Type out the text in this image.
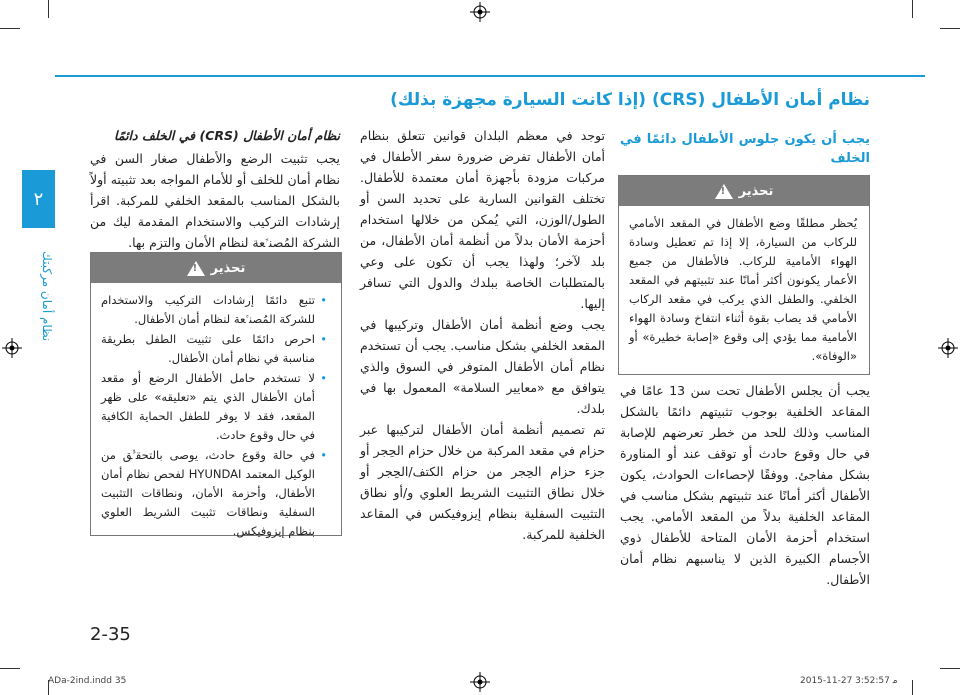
٢
ﻧﻈﺎم أﻣﺎن ﻣﺮﻛﺒﺘﻚ
ﻧﻈﺎم أﻣﺎن اﻷﻃﻔﺎل (CRS) (إذا ﻛﺎﻧﺖ اﻟﺴﻴﺎرة ﻣﺠﻬﺰة ﺑﺬﻟﻚ)
ﻳﺠﺐ أن ﻳﻜﻮن ﺟﻠﻮس اﻷﻃﻔﺎل داﺋﻤًﺎ ﻓﻲ اﻟﺨﻠﻒ
ﺗﺤﺬﻳﺮ
!
ﻳُﺤﻈﺮ ﻣﻄﻠﻘًﺎ وﺿﻊ اﻷﻃﻔﺎل ﻓﻲ اﻟﻤﻘﻌﺪ اﻷﻣﺎﻣﻲ ﻟﻠﺮﻛﺎب ﻣﻦ اﻟﺴﻴﺎرة، إﻻ إذا ﺗﻢ ﺗﻌﻄﻴﻞ وﺳﺎدة اﻟﻬﻮاء اﻷﻣﺎﻣﻴﺔ ﻟﻠﺮﻛﺎب. ﻓﺎﻷﻃﻔﺎل ﻣﻦ ﺟﻤﻴﻊ اﻷﻋﻤﺎر ﻳﻜﻮﻧﻮن أﻛﺜﺮ أﻣﺎﻧًﺎ ﻋﻨﺪ ﺗﺜﺒﻴﺘﻬﻢ ﻓﻲ اﻟﻤﻘﻌﺪ اﻟﺨﻠﻔﻲ. واﻟﻄﻔﻞ اﻟﺬي ﻳﺮﻛﺐ ﻓﻲ ﻣﻘﻌﺪ اﻟﺮﻛﺎب اﻷﻣﺎﻣﻲ ﻗﺪ ﻳﺼﺎب ﺑﻘﻮة أﺛﻨﺎء اﻧﺘﻔﺎخ وﺳﺎدة اﻟﻬﻮاء اﻷﻣﺎﻣﻴﺔ ﻣﻤﺎ ﻳﺆدي إﻟﻰ وﻗﻮع «إﺻﺎﺑﺔ ﺧﻄﻴﺮة» أو «اﻟﻮﻓﺎة».

ﻳﺠﺐ أن ﻳﺠﻠﺲ اﻷﻃﻔﺎل ﺗﺤﺖ ﺳﻦ 13 ﻋﺎﻣًﺎ ﻓﻲ اﻟﻤﻘﺎﻋﺪ اﻟﺨﻠﻔﻴﺔ ﺑﻮﺟﻮب ﺗﺜﺒﻴﺘﻬﻢ داﺋﻤًﺎ ﺑﺎﻟﺸﻜﻞ اﻟﻤﻨﺎﺳﺐ وذﻟﻚ ﻟﻠﺤﺪ ﻣﻦ ﺧﻄﺮ ﺗﻌﺮﺿﻬﻢ ﻟﻺﺻﺎﺑﺔ ﻓﻲ ﺣﺎل وﻗﻮع ﺣﺎدث أو ﺗﻮﻗﻒ ﻋﻨﺪ أو اﻟﻤﻨﺎورة ﺑﺸﻜﻞ ﻣﻔﺎﺟﺊ. ووﻓﻘًﺎ ﻹﺣﺼﺎءات اﻟﺤﻮادث، ﻳﻜﻮن اﻷﻃﻔﺎل أﻛﺜﺮ أﻣﺎﻧًﺎ ﻋﻨﺪ ﺗﺜﺒﻴﺘﻬﻢ ﺑﺸﻜﻞ ﻣﻨﺎﺳﺐ ﻓﻲ اﻟﻤﻘﺎﻋﺪ اﻟﺨﻠﻔﻴﺔ ﺑﺪﻻً ﻣﻦ اﻟﻤﻘﻌﺪ اﻷﻣﺎﻣﻲ. ﻳﺠﺐ اﺳﺘﺨﺪام أﺣﺰﻣﺔ اﻷﻣﺎن اﻟﻤﺘﺎﺣﺔ ﻟﻸﻃﻔﺎل ذوي اﻷﺟﺴﺎم اﻟﻜﺒﻴﺮة اﻟﺬﻳﻦ ﻻ ﻳﻨﺎﺳﺒﻬﻢ ﻧﻈﺎم أﻣﺎن اﻷﻃﻔﺎل.

ﺗﻮﺟﺪ ﻓﻲ ﻣﻌﻈﻢ اﻟﺒﻠﺪان ﻗﻮاﻧﻴﻦ ﺗﺘﻌﻠﻖ ﺑﻨﻈﺎم أﻣﺎن اﻷﻃﻔﺎل ﺗﻔﺮض ﺿﺮورة ﺳﻔﺮ اﻷﻃﻔﺎل ﻓﻲ ﻣﺮﻛﺒﺎت ﻣﺰودة ﺑﺄﺟﻬﺰة أﻣﺎن ﻣﻌﺘﻤﺪة ﻟﻸﻃﻔﺎل. ﺗﺨﺘﻠﻒ اﻟﻘﻮاﻧﻴﻦ اﻟﺴﺎرﻳﺔ ﻋﻠﻰ ﺗﺤﺪﻳﺪ اﻟﺴﻦ أو اﻟﻄﻮل/اﻟﻮزن، اﻟﺘﻲ ﻳُﻤﻜﻦ ﻣﻦ ﺧﻼﻟﻬﺎ اﺳﺘﺨﺪام أﺣﺰﻣﺔ اﻷﻣﺎن ﺑﺪﻻً ﻣﻦ أﻧﻈﻤﺔ أﻣﺎن اﻷﻃﻔﺎل، ﻣﻦ ﺑﻠﺪ ﻵﺧﺮ؛ ﻭﻟﻬﺬﺍ ﻳﺠﺐ أن ﺗﻜﻮن ﻋﻠﻰ وﻋﻲ ﺑﺎﻟﻤﺘﻄﻠﺒﺎت اﻟﺨﺎﺻﺔ ﺑﺒﻠﺪك واﻟﺪول اﻟﺘﻲ ﺗﺴﺎﻓﺮ إﻟﻴﻬﺎ.

ﻳﺠﺐ وﺿﻊ أﻧﻈﻤﺔ أﻣﺎن اﻷﻃﻔﺎل وﺗﺮﻛﻴﺒﻬﺎ ﻓﻲ اﻟﻤﻘﻌﺪ اﻟﺨﻠﻔﻲ ﺑﺸﻜﻞ ﻣﻨﺎﺳﺐ. ﻳﺠﺐ أن ﺗﺴﺘﺨﺪم ﻧﻈﺎم أﻣﺎن اﻷﻃﻔﺎل اﻟﻤﺘﻮﻓﺮ ﻓﻲ اﻟﺴﻮق واﻟﺬي ﻳﺘﻮاﻓﻖ ﻣﻊ «ﻣﻌﺎﻳﻴﺮ اﻟﺴﻼﻣﺔ» اﻟﻤﻌﻤﻮل ﺑﻬﺎ ﻓﻲ ﺑﻠﺪك.

ﺗﻢ ﺗﺼﻤﻴﻢ أﻧﻈﻤﺔ أﻣﺎن اﻷﻃﻔﺎل ﻟﺘﺮﻛﻴﺒﻬﺎ ﻋﺒﺮ ﺣﺰام ﻓﻲ ﻣﻘﻌﺪ اﻟﻤﺮﻛﺒﺔ ﻣﻦ ﺧﻼل ﺣﺰام اﻟﺤِﺠﺮ أو ﺟﺰء ﺣﺰام اﻟﺤِﺠﺮ ﻣﻦ ﺣﺰام اﻟﻜﺘﻒ/اﻟﺤِﺠﺮ أو ﺧﻼل ﻧﻄﺎق اﻟﺘﺜﺒﻴﺖ اﻟﺸﺮﻳﻂ اﻟﻌﻠﻮي و/أو ﻧﻄﺎق اﻟﺘﺜﺒﻴﺖ اﻟﺴﻔﻠﻴﺔ ﺑﻨﻈﺎم إﻳﺰوﻓﻴﻜﺲ ﻓﻲ اﻟﻤﻘﺎﻋﺪ اﻟﺨﻠﻔﻴﺔ ﻟﻠﻤﺮﻛﺒﺔ.

ﻧﻈﺎم أﻣﺎن اﻷﻃﻔﺎل (CRS) ﻓﻲ اﻟﺨﻠﻒ داﺋﻤًﺎ

ﻳﺠﺐ ﺗﺜﺒﻴﺖ اﻟﺮﺿﻊ واﻷﻃﻔﺎل ﺻﻐﺎر اﻟﺴﻦ ﻓﻲ ﻧﻈﺎم أﻣﺎن ﻟﻠﺨﻠﻒ أو ﻟﻸﻣﺎم اﻟﻤﻮاﺟﻪ ﺑﻌﺪ ﺗﺜﺒﻴﺘﻪ أوﻻً ﺑﺎﻟﺸﻜﻞ اﻟﻤﻨﺎﺳﺐ ﺑﺎﻟﻤﻘﻌﺪ اﻟﺨﻠﻔﻲ ﻟﻠﻤﺮﻛﺒﺔ. اﻗﺮأ إرﺷﺎدات اﻟﺘﺮﻛﻴﺐ واﻻﺳﺘﺨﺪام اﻟﻤﻘﺪﻣﺔ ﻟﻴﻚ ﻣﻦ اﻟﺸﺮﻛﺔ اﻟﻤُﺼﻨﱢﻌﺔ ﻟﻨﻈﺎم اﻷﻣﺎن واﻟﺘﺰم ﺑﻬﺎ.

ﺗﺤﺬﻳﺮ
!
• ﺗﺘﺒﻊ داﺋﻤًﺎ إرﺷﺎدات اﻟﺘﺮﻛﻴﺐ واﻻﺳﺘﺨﺪام ﻟﻠﺸﺮﻛﺔ اﻟﻤُﺼﻨﱢﻌﺔ ﻟﻨﻈﺎم أﻣﺎن اﻷﻃﻔﺎل.
• اﺣﺮص داﺋﻤًﺎ ﻋﻠﻰ ﺗﺜﺒﻴﺖ اﻟﻄﻔﻞ ﺑﻄﺮﻳﻘﺔ ﻣﻨﺎﺳﺒﺔ ﻓﻲ ﻧﻈﺎم أﻣﺎن اﻷﻃﻔﺎل.
• ﻻ ﺗﺴﺘﺨﺪم ﺣﺎﻣﻞ اﻷﻃﻔﺎل اﻟﺮﺿﻊ أو ﻣﻘﻌﺪ أﻣﺎن اﻷﻃﻔﺎل اﻟﺬي ﻳﺘﻢ «ﺗﻌﻠﻴﻘﻪ» ﻋﻠﻰ ﻇﻬﺮ اﻟﻤﻘﻌﺪ، ﻓﻘﺪ ﻻ ﻳﻮﻓﺮ ﻟﻠﻄﻔﻞ اﻟﺤﻤﺎﻳﺔ اﻟﻜﺎﻓﻴﺔ ﻓﻲ ﺣﺎل وﻗﻮع ﺣﺎدث.
• ﻓﻲ ﺣﺎﻟﺔ وﻗﻮع ﺣﺎدث، ﻳﻮﺻﻰ ﺑﺎﻟﺘﺤﻘﱡﻖ ﻣﻦ اﻟﻮﻛﻴﻞ اﻟﻤﻌﺘﻤﺪ HYUNDAI ﻟﻔﺤﺺ ﻧﻈﺎم أﻣﺎن اﻷﻃﻔﺎل، وأﺣﺰﻣﺔ اﻷﻣﺎن، وﻧﻄﺎﻗﺎت اﻟﺘﺜﺒﻴﺖ اﻟﺴﻔﻠﻴﺔ وﻧﻄﺎﻗﺎت ﺗﺜﺒﻴﺖ اﻟﺸﺮﻳﻂ اﻟﻌﻠﻮي ﺑﻨﻈﺎم إﻳﺰوﻓﻴﻜﺲ.
2-35
ADa-2ind.indd 35	2015-11-27 ﻣ 3:52:57
